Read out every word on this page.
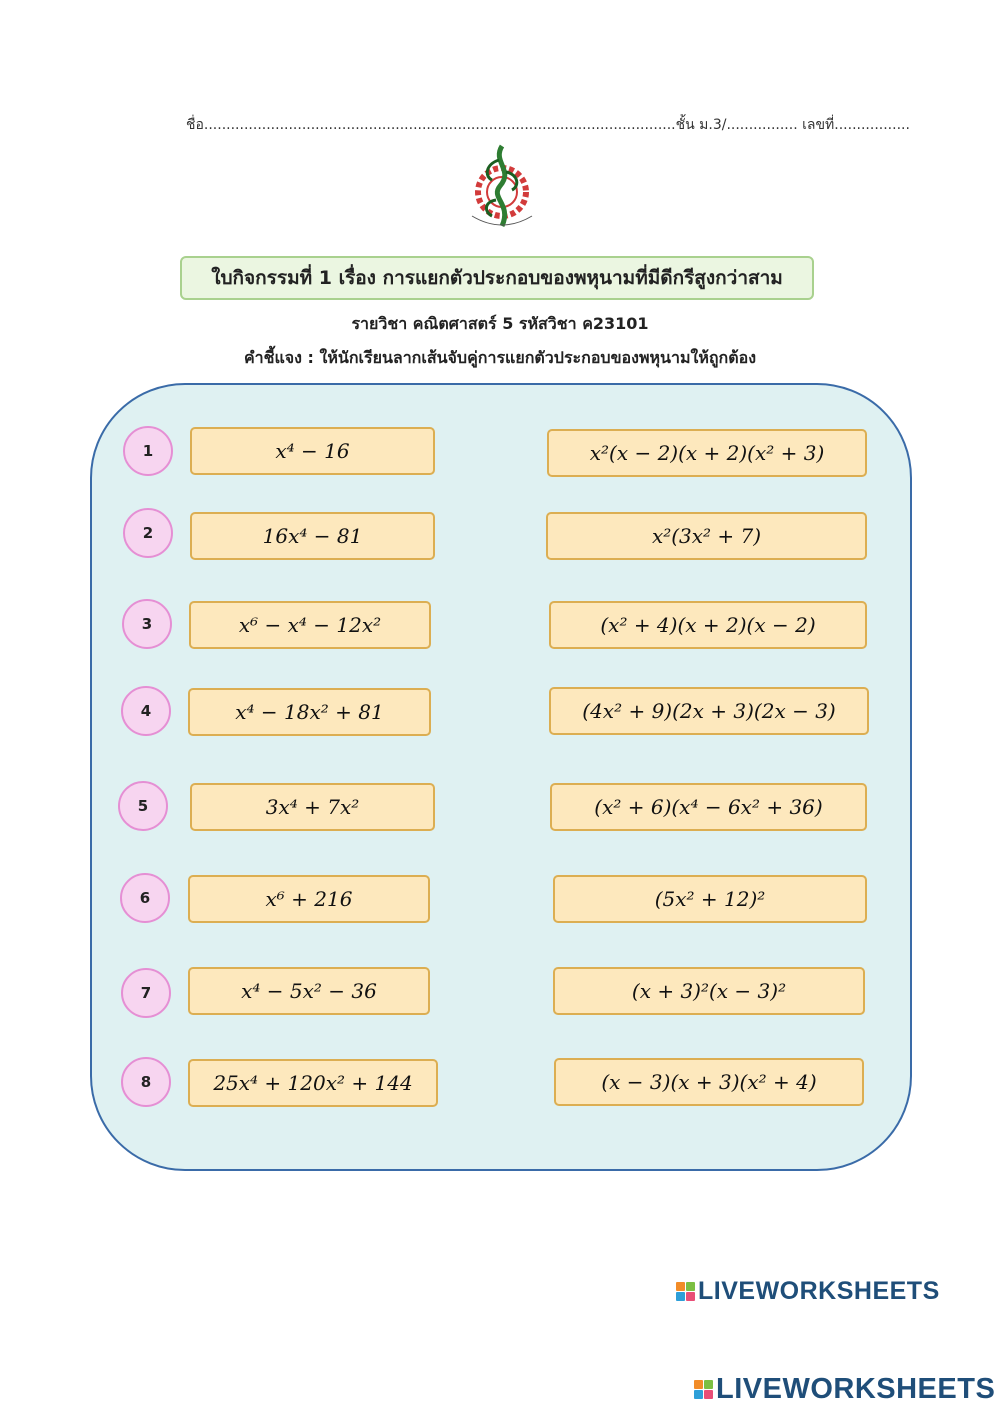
ชื่อ..........................................................................................................ชั้น ม.3/................ เลขที่.................
ใบกิจกรรมที่ 1 เรื่อง การแยกตัวประกอบของพหุนามที่มีดีกรีสูงกว่าสาม
รายวิชา คณิตศาสตร์ 5 รหัสวิชา ค23101
คำชี้แจง : ให้นักเรียนลากเส้นจับคู่การแยกตัวประกอบของพหุนามให้ถูกต้อง
1	x⁴ − 16	x²(x − 2)(x + 2)(x² + 3)
2	16x⁴ − 81	x²(3x² + 7)
3	x⁶ − x⁴ − 12x²	(x² + 4)(x + 2)(x − 2)
4	x⁴ − 18x² + 81	(4x² + 9)(2x + 3)(2x − 3)
5	3x⁴ + 7x²	(x² + 6)(x⁴ − 6x² + 36)
6	x⁶ + 216	(5x² + 12)²
7	x⁴ − 5x² − 36	(x + 3)²(x − 3)²
8	25x⁴ + 120x² + 144	(x − 3)(x + 3)(x² + 4)
LIVEWORKSHEETS
LIVEWORKSHEETS
